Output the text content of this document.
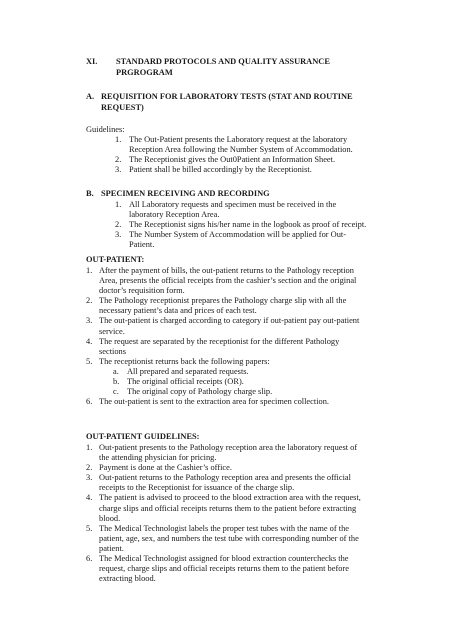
XI. STANDARD PROTOCOLS AND QUALITY ASSURANCE
PRGROGRAM
A. REQUISITION FOR LABORATORY TESTS (STAT AND ROUTINE
REQUEST)
Guidelines:
1. The Out-Patient presents the Laboratory request at the laboratory
Reception Area following the Number System of Accommodation.
2. The Receptionist gives the Out0Patient an Information Sheet.
3. Patient shall be billed accordingly by the Receptionist.
B. SPECIMEN RECEIVING AND RECORDING
1. All Laboratory requests and specimen must be received in the
laboratory Reception Area.
2. The Receptionist signs his/her name in the logbook as proof of receipt.
3. The Number System of Accommodation will be applied for Out-
Patient.
OUT-PATIENT:
1. After the payment of bills, the out-patient returns to the Pathology reception
Area, presents the official receipts from the cashier’s section and the original
doctor’s requisition form.
2. The Pathology receptionist prepares the Pathology charge slip with all the
necessary patient’s data and prices of each test.
3. The out-patient is charged according to category if out-patient pay out-patient
service.
4. The request are separated by the receptionist for the different Pathology
sections
5. The receptionist returns back the following papers:
a. All prepared and separated requests.
b. The original official receipts (OR).
c. The original copy of Pathology charge slip.
6. The out-patient is sent to the extraction area for specimen collection.
OUT-PATIENT GUIDELINES:
1. Out-patient presents to the Pathology reception area the laboratory request of
the attending physician for pricing.
2. Payment is done at the Cashier’s office.
3. Out-patient returns to the Pathology reception area and presents the official
receipts to the Receptionist for issuance of the charge slip.
4. The patient is advised to proceed to the blood extraction area with the request,
charge slips and official receipts returns them to the patient before extracting
blood.
5. The Medical Technologist labels the proper test tubes with the name of the
patient, age, sex, and numbers the test tube with corresponding number of the
patient.
6. The Medical Technologist assigned for blood extraction counterchecks the
request, charge slips and official receipts returns them to the patient before
extracting blood.
